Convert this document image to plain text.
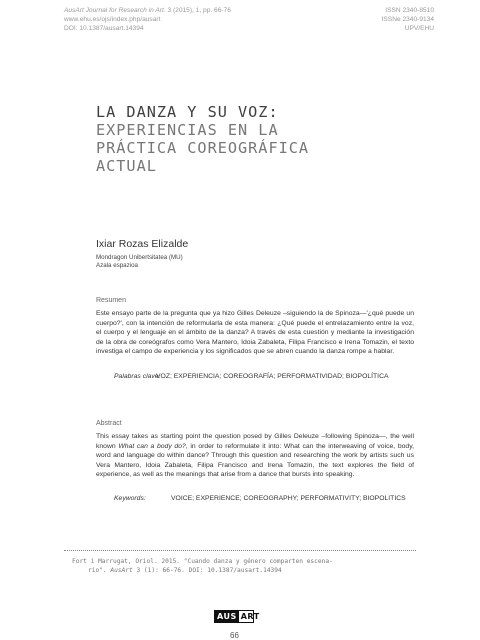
AusArt Journal for Research in Art. 3 (2015), 1, pp. 66-76
www.ehu.es/ojs/index.php/ausart
DOI: 10.1387/ausart.14394
ISSN 2340-8510
ISSNe 2340-9134
UPV/EHU
LA DANZA Y SU VOZ:
EXPERIENCIAS EN LA
PRÁCTICA COREOGRÁFICA
ACTUAL
Ixiar Rozas Elizalde
Mondragon Unibertsitatea (MU)
Azala espazioa
Resumen
Este ensayo parte de la pregunta que ya hizo Gilles Deleuze –siguiendo la de Spinoza—'¿qué puede un cuerpo?', con la intención de reformularla de esta manera: ¿Qué puede el entrelazamiento entre la voz, el cuerpo y el lenguaje en el ámbito de la danza? A través de esta cuestión y mediante la investigación de la obra de coreógrafos como Vera Mantero, Idoia Zabaleta, Filipa Francisco e Irena Tomazin, el texto investiga el campo de experiencia y los significados que se abren cuando la danza rompe a hablar.
Palabras clave:
VOZ; EXPERIENCIA; COREOGRAFÍA; PERFORMATIVIDAD; BIOPOLÍTICA
Abstract
This essay takes as starting point the question posed by Gilles Deleuze –following Spinoza—, the well known What can a body do?, in order to reformulate it into: What can the interweaving of voice, body, word and language do within dance? Through this question and researching the work by artists such us Vera Mantero, Idoia Zabaleta, Filipa Francisco and Irena Tomazin, the text explores the field of experience, as well as the meanings that arise from a dance that bursts into speaking.
Keywords:	VOICE; EXPERIENCE; COREOGRAPHY; PERFORMATIVITY; BIOPOLITICS
Fort i Marrugat, Oriol. 2015. "Cuando danza y género comparten escena-
rio". AusArt 3 (1): 66-76. DOI: 10.1387/ausart.14394
AUS ART
66
